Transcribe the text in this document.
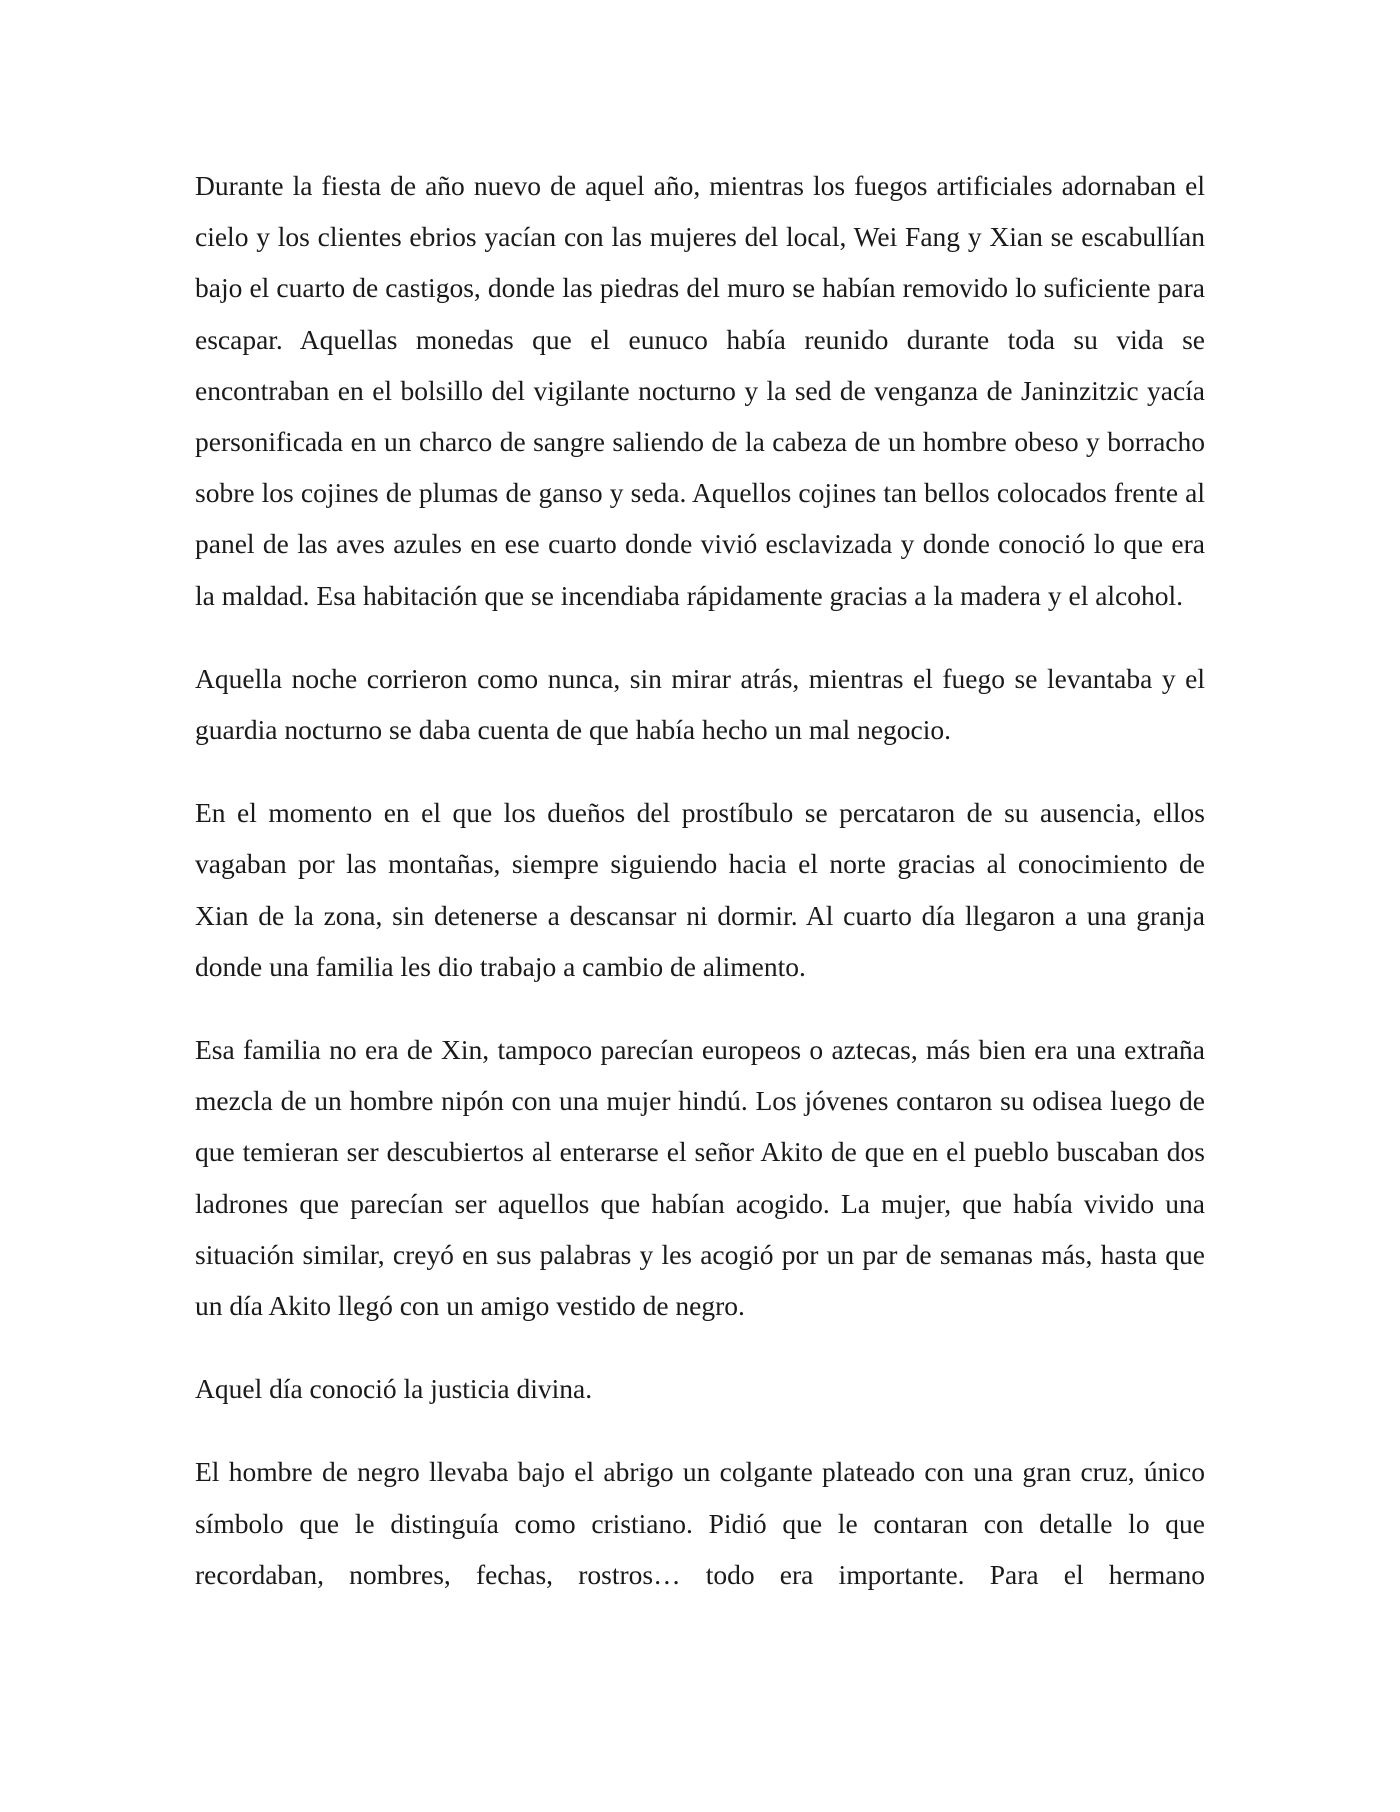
Durante la fiesta de año nuevo de aquel año, mientras los fuegos artificiales adornaban el cielo y los clientes ebrios yacían con las mujeres del local, Wei Fang y Xian se escabullían bajo el cuarto de castigos, donde las piedras del muro se habían removido lo suficiente para escapar. Aquellas monedas que el eunuco había reunido durante toda su vida se encontraban en el bolsillo del vigilante nocturno y la sed de venganza de Janinzitzic yacía personificada en un charco de sangre saliendo de la cabeza de un hombre obeso y borracho sobre los cojines de plumas de ganso y seda. Aquellos cojines tan bellos colocados frente al panel de las aves azules en ese cuarto donde vivió esclavizada y donde conoció lo que era la maldad. Esa habitación que se incendiaba rápidamente gracias a la madera y el alcohol.

Aquella noche corrieron como nunca, sin mirar atrás, mientras el fuego se levantaba y el guardia nocturno se daba cuenta de que había hecho un mal negocio.

En el momento en el que los dueños del prostíbulo se percataron de su ausencia, ellos vagaban por las montañas, siempre siguiendo hacia el norte gracias al conocimiento de Xian de la zona, sin detenerse a descansar ni dormir. Al cuarto día llegaron a una granja donde una familia les dio trabajo a cambio de alimento.

Esa familia no era de Xin, tampoco parecían europeos o aztecas, más bien era una extraña mezcla de un hombre nipón con una mujer hindú. Los jóvenes contaron su odisea luego de que temieran ser descubiertos al enterarse el señor Akito de que en el pueblo buscaban dos ladrones que parecían ser aquellos que habían acogido. La mujer, que había vivido una situación similar, creyó en sus palabras y les acogió por un par de semanas más, hasta que un día Akito llegó con un amigo vestido de negro.

Aquel día conoció la justicia divina.

El hombre de negro llevaba bajo el abrigo un colgante plateado con una gran cruz, único símbolo que le distinguía como cristiano. Pidió que le contaran con detalle lo que recordaban, nombres, fechas, rostros… todo era importante. Para el hermano
